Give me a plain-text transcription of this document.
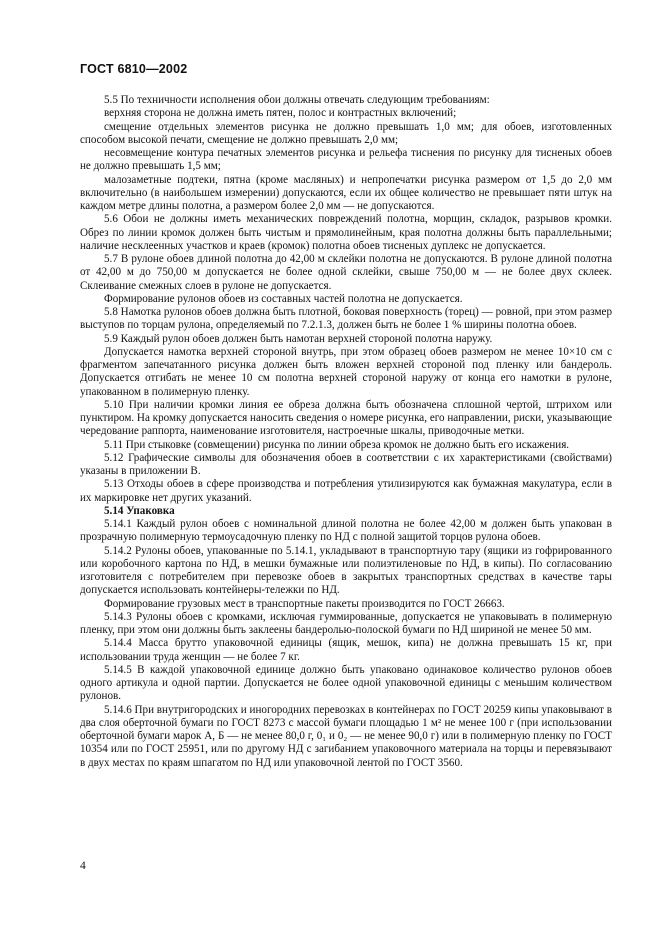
ГОСТ 6810—2002

5.5 По техничности исполнения обои должны отвечать следующим требованиям:

верхняя сторона не должна иметь пятен, полос и контрастных включений;

смещение отдельных элементов рисунка не должно превышать 1,0 мм; для обоев, изготовленных способом высокой печати, смещение не должно превышать 2,0 мм;

несовмещение контура печатных элементов рисунка и рельефа тиснения по рисунку для тисненых обоев не должно превышать 1,5 мм;

малозаметные подтеки, пятна (кроме масляных) и непропечатки рисунка размером от 1,5 до 2,0 мм включительно (в наибольшем измерении) допускаются, если их общее количество не превышает пяти штук на каждом метре длины полотна, а размером более 2,0 мм — не допускаются.

5.6 Обои не должны иметь механических повреждений полотна, морщин, складок, разрывов кромки. Обрез по линии кромок должен быть чистым и прямолинейным, края полотна должны быть параллельными; наличие несклеенных участков и краев (кромок) полотна обоев тисненых дуплекс не допускается.

5.7 В рулоне обоев длиной полотна до 42,00 м склейки полотна не допускаются. В рулоне длиной полотна от 42,00 м до 750,00 м допускается не более одной склейки, свыше 750,00 м — не более двух склеек. Склеивание смежных слоев в рулоне не допускается.

Формирование рулонов обоев из составных частей полотна не допускается.

5.8 Намотка рулонов обоев должна быть плотной, боковая поверхность (торец) — ровной, при этом размер выступов по торцам рулона, определяемый по 7.2.1.3, должен быть не более 1 % ширины полотна обоев.

5.9 Каждый рулон обоев должен быть намотан верхней стороной полотна наружу.

Допускается намотка верхней стороной внутрь, при этом образец обоев размером не менее 10×10 см с фрагментом запечатанного рисунка должен быть вложен верхней стороной под пленку или бандероль. Допускается отгибать не менее 10 см полотна верхней стороной наружу от конца его намотки в рулоне, упакованном в полимерную пленку.

5.10 При наличии кромки линия ее обреза должна быть обозначена сплошной чертой, штрихом или пунктиром. На кромку допускается наносить сведения о номере рисунка, его направлении, риски, указывающие чередование раппорта, наименование изготовителя, настроечные шкалы, приводочные метки.

5.11 При стыковке (совмещении) рисунка по линии обреза кромок не должно быть его искажения.

5.12 Графические символы для обозначения обоев в соответствии с их характеристиками (свойствами) указаны в приложении В.

5.13 Отходы обоев в сфере производства и потребления утилизируются как бумажная макулатура, если в их маркировке нет других указаний.

5.14 Упаковка

5.14.1 Каждый рулон обоев с номинальной длиной полотна не более 42,00 м должен быть упакован в прозрачную полимерную термоусадочную пленку по НД с полной защитой торцов рулона обоев.

5.14.2 Рулоны обоев, упакованные по 5.14.1, укладывают в транспортную тару (ящики из гофрированного или коробочного картона по НД, в мешки бумажные или полиэтиленовые по НД, в кипы). По согласованию изготовителя с потребителем при перевозке обоев в закрытых транспортных средствах в качестве тары допускается использовать контейнеры-тележки по НД.

Формирование грузовых мест в транспортные пакеты производится по ГОСТ 26663.

5.14.3 Рулоны обоев с кромками, исключая гуммированные, допускается не упаковывать в полимерную пленку, при этом они должны быть заклеены бандеролью-полоской бумаги по НД шириной не менее 50 мм.

5.14.4 Масса брутто упаковочной единицы (ящик, мешок, кипа) не должна превышать 15 кг, при использовании труда женщин — не более 7 кг.

5.14.5 В каждой упаковочной единице должно быть упаковано одинаковое количество рулонов обоев одного артикула и одной партии. Допускается не более одной упаковочной единицы с меньшим количеством рулонов.

5.14.6 При внутригородских и иногородних перевозках в контейнерах по ГОСТ 20259 кипы упаковывают в два слоя оберточной бумаги по ГОСТ 8273 с массой бумаги площадью 1 м² не менее 100 г (при использовании оберточной бумаги марок А, Б — не менее 80,0 г, 0₁ и 0₂ — не менее 90,0 г) или в полимерную пленку по ГОСТ 10354 или по ГОСТ 25951, или по другому НД с загибанием упаковочного материала на торцы и перевязывают в двух местах по краям шпагатом по НД или упаковочной лентой по ГОСТ 3560.

4
